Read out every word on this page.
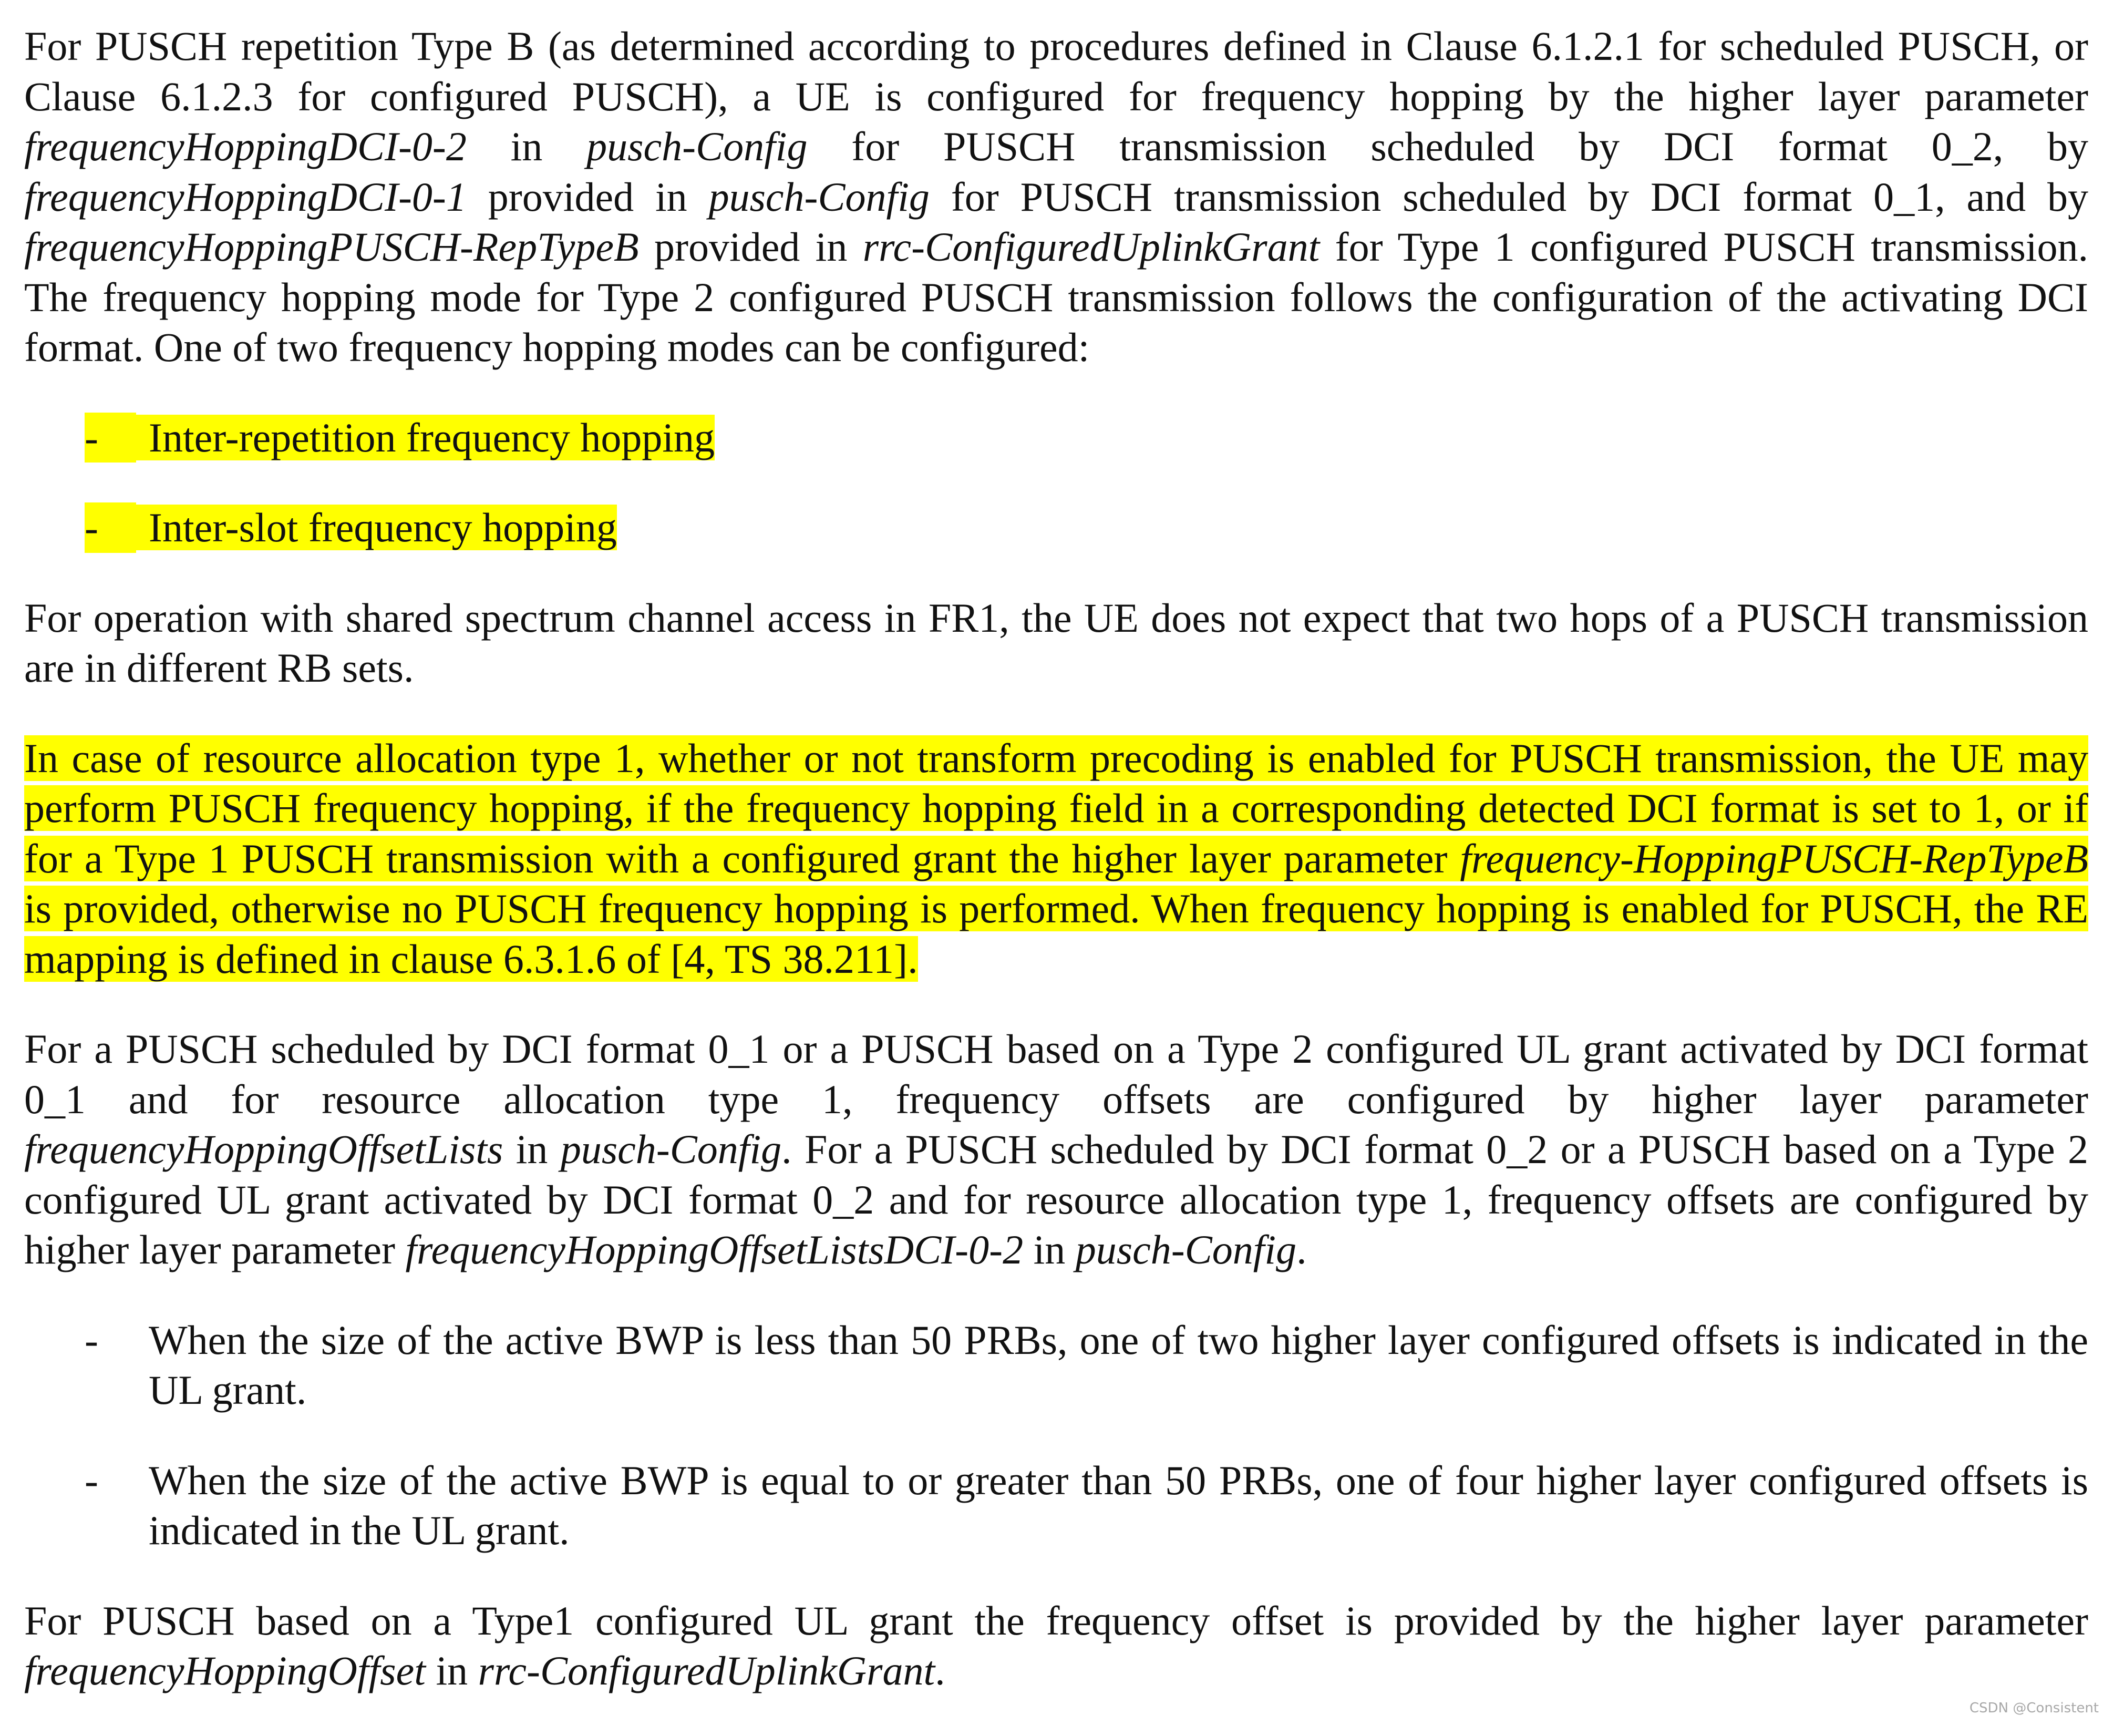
For PUSCH repetition Type B (as determined according to procedures defined in Clause 6.1.2.1 for scheduled PUSCH, or Clause 6.1.2.3 for configured PUSCH), a UE is configured for frequency hopping by the higher layer parameter frequencyHoppingDCI-0-2 in pusch-Config for PUSCH transmission scheduled by DCI format 0_2, by frequencyHoppingDCI-0-1 provided in pusch-Config for PUSCH transmission scheduled by DCI format 0_1, and by frequencyHoppingPUSCH-RepTypeB provided in rrc-ConfiguredUplinkGrant for Type 1 configured PUSCH transmission. The frequency hopping mode for Type 2 configured PUSCH transmission follows the configuration of the activating DCI format. One of two frequency hopping modes can be configured:

-	Inter-repetition frequency hopping
-	Inter-slot frequency hopping

For operation with shared spectrum channel access in FR1, the UE does not expect that two hops of a PUSCH transmission are in different RB sets.

In case of resource allocation type 1, whether or not transform precoding is enabled for PUSCH transmission, the UE may perform PUSCH frequency hopping, if the frequency hopping field in a corresponding detected DCI format is set to 1, or if for a Type 1 PUSCH transmission with a configured grant the higher layer parameter frequency-HoppingPUSCH-RepTypeB is provided, otherwise no PUSCH frequency hopping is performed. When frequency hopping is enabled for PUSCH, the RE mapping is defined in clause 6.3.1.6 of [4, TS 38.211].

For a PUSCH scheduled by DCI format 0_1 or a PUSCH based on a Type 2 configured UL grant activated by DCI format 0_1 and for resource allocation type 1, frequency offsets are configured by higher layer parameter frequencyHoppingOffsetLists in pusch-Config. For a PUSCH scheduled by DCI format 0_2 or a PUSCH based on a Type 2 configured UL grant activated by DCI format 0_2 and for resource allocation type 1, frequency offsets are configured by higher layer parameter frequencyHoppingOffsetListsDCI-0-2 in pusch-Config.

- When the size of the active BWP is less than 50 PRBs, one of two higher layer configured offsets is indicated in the UL grant.
- When the size of the active BWP is equal to or greater than 50 PRBs, one of four higher layer configured offsets is indicated in the UL grant.

For PUSCH based on a Type1 configured UL grant the frequency offset is provided by the higher layer parameter frequencyHoppingOffset in rrc-ConfiguredUplinkGrant.

CSDN @Consistent
